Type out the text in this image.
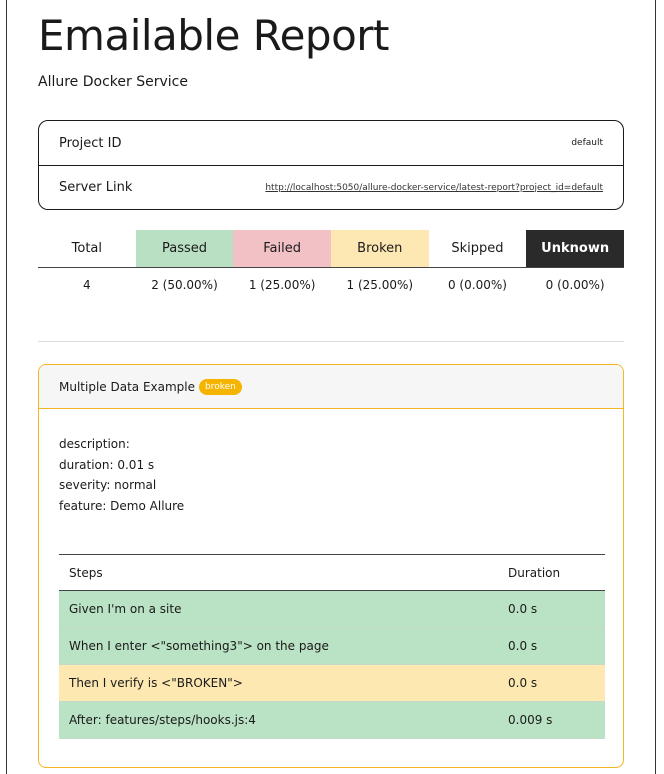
Emailable Report
Allure Docker Service
Project ID	default
Server Link	http://localhost:5050/allure-docker-service/latest-report?project_id=default
Total	Passed	Failed	Broken	Skipped	Unknown
4	2 (50.00%)	1 (25.00%)	1 (25.00%)	0 (0.00%)	0 (0.00%)
Multiple Data Example	broken
description:
duration: 0.01 s
severity: normal
feature: Demo Allure
Steps	Duration
Given I'm on a site	0.0 s
When I enter <"something3"> on the page	0.0 s
Then I verify is <"BROKEN">	0.0 s
After: features/steps/hooks.js:4	0.009 s
